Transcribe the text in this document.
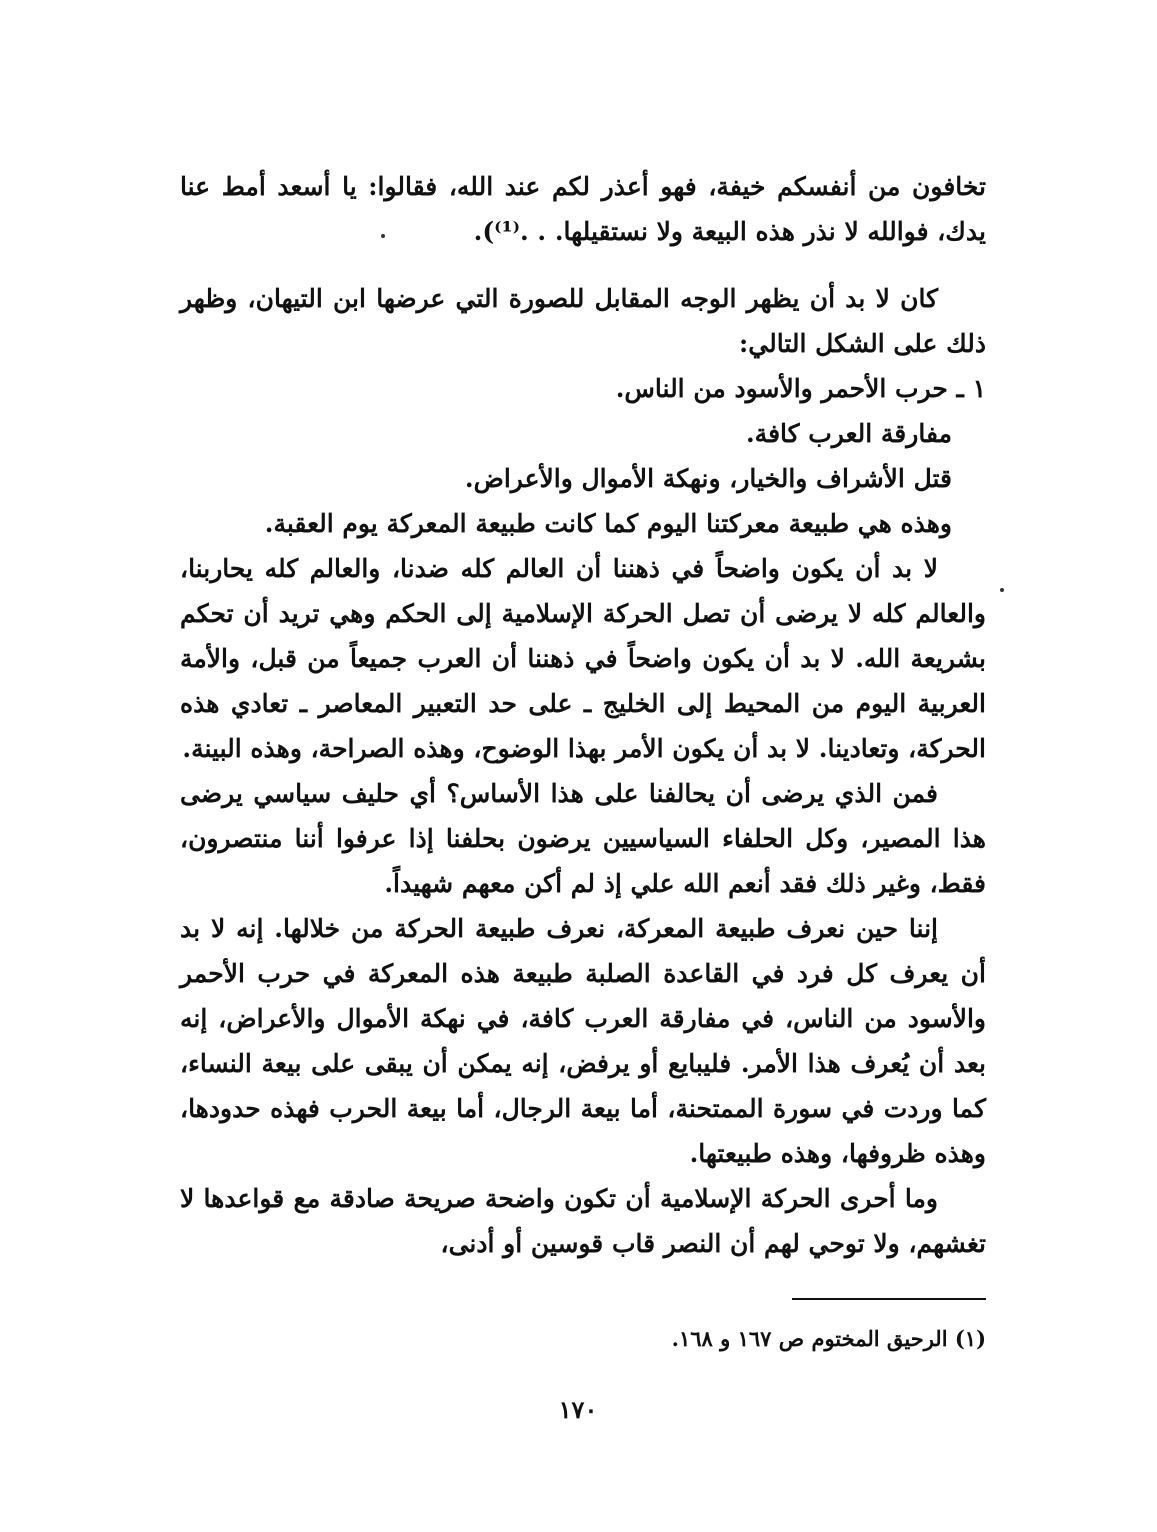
تخافون من أنفسكم خيفة، فهو أعذر لكم عند الله، فقالوا: يا أسعد أمط عنا يدك، فوالله لا نذر هذه البيعة ولا نستقيلها. . .⁽¹⁾).

كان لا بد أن يظهر الوجه المقابل للصورة التي عرضها ابن التيهان، وظهر ذلك على الشكل التالي:

١ ـ حرب الأحمر والأسود من الناس.

مفارقة العرب كافة.

قتل الأشراف والخيار، ونهكة الأموال والأعراض.

وهذه هي طبيعة معركتنا اليوم كما كانت طبيعة المعركة يوم العقبة.

لا بد أن يكون واضحاً في ذهننا أن العالم كله ضدنا، والعالم كله يحاربنا، والعالم كله لا يرضى أن تصل الحركة الإسلامية إلى الحكم وهي تريد أن تحكم بشريعة الله. لا بد أن يكون واضحاً في ذهننا أن العرب جميعاً من قبل، والأمة العربية اليوم من المحيط إلى الخليج ـ على حد التعبير المعاصر ـ تعادي هذه الحركة، وتعادينا. لا بد أن يكون الأمر بهذا الوضوح، وهذه الصراحة، وهذه البينة.

فمن الذي يرضى أن يحالفنا على هذا الأساس؟ أي حليف سياسي يرضى هذا المصير، وكل الحلفاء السياسيين يرضون بحلفنا إذا عرفوا أننا منتصرون، فقط، وغير ذلك فقد أنعم الله علي إذ لم أكن معهم شهيداً.

إننا حين نعرف طبيعة المعركة، نعرف طبيعة الحركة من خلالها. إنه لا بد أن يعرف كل فرد في القاعدة الصلبة طبيعة هذه المعركة في حرب الأحمر والأسود من الناس، في مفارقة العرب كافة، في نهكة الأموال والأعراض، إنه بعد أن يُعرف هذا الأمر. فليبايع أو يرفض، إنه يمكن أن يبقى على بيعة النساء، كما وردت في سورة الممتحنة، أما بيعة الرجال، أما بيعة الحرب فهذه حدودها، وهذه ظروفها، وهذه طبيعتها.

وما أحرى الحركة الإسلامية أن تكون واضحة صريحة صادقة مع قواعدها لا تغشهم، ولا توحي لهم أن النصر قاب قوسين أو أدنى،

(١) الرحيق المختوم ص ١٦٧ و ١٦٨.
١٧٠
